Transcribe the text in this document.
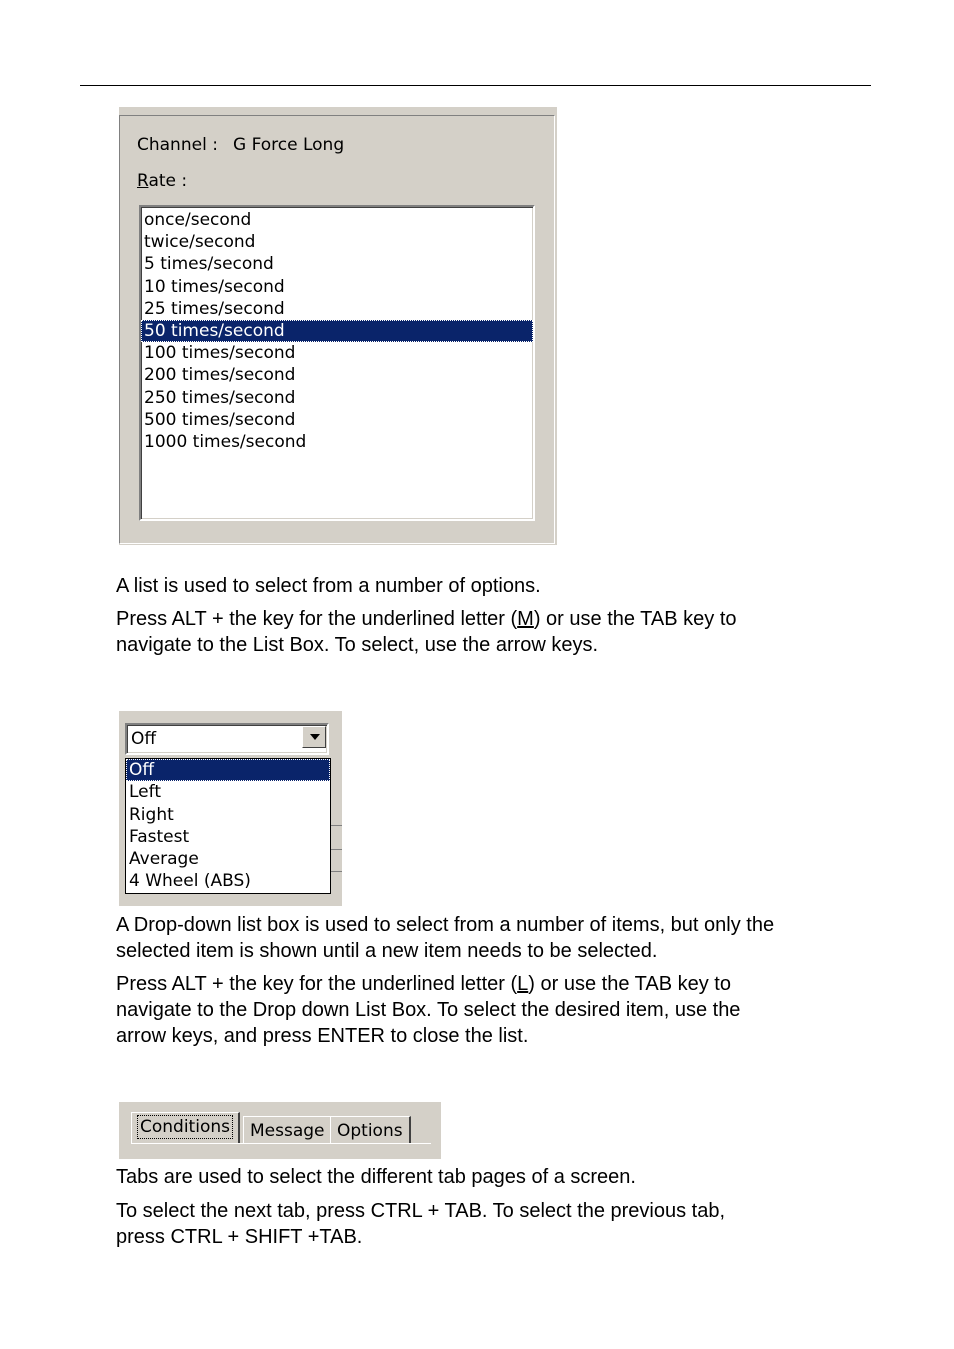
Channel : G Force Long
Rate :
once/second
twice/second
5 times/second
10 times/second
25 times/second
50 times/second
100 times/second
200 times/second
250 times/second
500 times/second
1000 times/second
A list is used to select from a number of options.
Press ALT + the key for the underlined letter (M) or use the TAB key to
navigate to the List Box. To select, use the arrow keys.
Off
Off
Left
Right
Fastest
Average
4 Wheel (ABS)
A Drop-down list box is used to select from a number of items, but only the
selected item is shown until a new item needs to be selected.
Press ALT + the key for the underlined letter (L) or use the TAB key to
navigate to the Drop down List Box. To select the desired item, use the
arrow keys, and press ENTER to close the list.
Message Options
Conditions
Tabs are used to select the different tab pages of a screen.
To select the next tab, press CTRL + TAB. To select the previous tab,
press CTRL + SHIFT +TAB.
